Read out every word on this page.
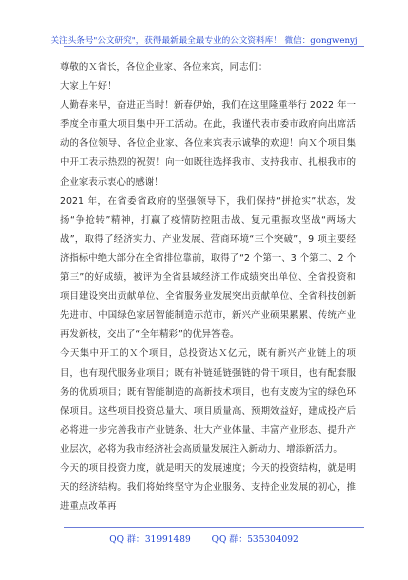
关注头条号"公文研究"，获得最新最全最专业的公文资料库！ 微信：gongwenyj

尊敬的Ｘ省长，各位企业家、各位来宾，同志们：

大家上午好！

人勤春来早，奋进正当时！新春伊始，我们在这里隆重举行 2022 年一季度全市重大项目集中开工活动。在此，我谨代表市委市政府向出席活动的各位领导、各位企业家、各位来宾表示诚挚的欢迎！向Ｘ个项目集中开工表示热烈的祝贺！向一如既往选择我市、支持我市、扎根我市的企业家表示衷心的感谢！

2021 年，在省委省政府的坚强领导下，我们保持“拼抢实”状态，发扬“争抢转”精神，打赢了疫情防控阻击战、复元重振攻坚战“两场大战”，取得了经济实力、产业发展、营商环境“三个突破”，9 项主要经济指标中绝大部分在全省排位靠前，取得了“2 个第一、3 个第二、2 个第三”的好成绩，被评为全省县域经济工作成绩突出单位、全省投资和项目建设突出贡献单位、全省服务业发展突出贡献单位、全省科技创新先进市、中国绿色家居智能制造示范市，新兴产业硕果累累、传统产业再发新枝，交出了“全年精彩”的优异答卷。

今天集中开工的Ｘ个项目，总投资达Ｘ亿元，既有新兴产业链上的项目，也有现代服务业项目；既有补链延链强链的骨干项目，也有配套服务的优质项目；既有智能制造的高新技术项目，也有支废为宝的绿色环保项目。这些项目投资总量大、项目质量高、预期效益好，建成投产后必将进一步完善我市产业链条、壮大产业体量、丰富产业形态、提升产业层次，必将为我市经济社会高质量发展注入新动力、增添新活力。

今天的项目投资力度，就是明天的发展速度；今天的投资结构，就是明天的经济结构。我们将始终坚守为企业服务、支持企业发展的初心，推进重点改革再

QQ 群：31991489 QQ 群：535304092
